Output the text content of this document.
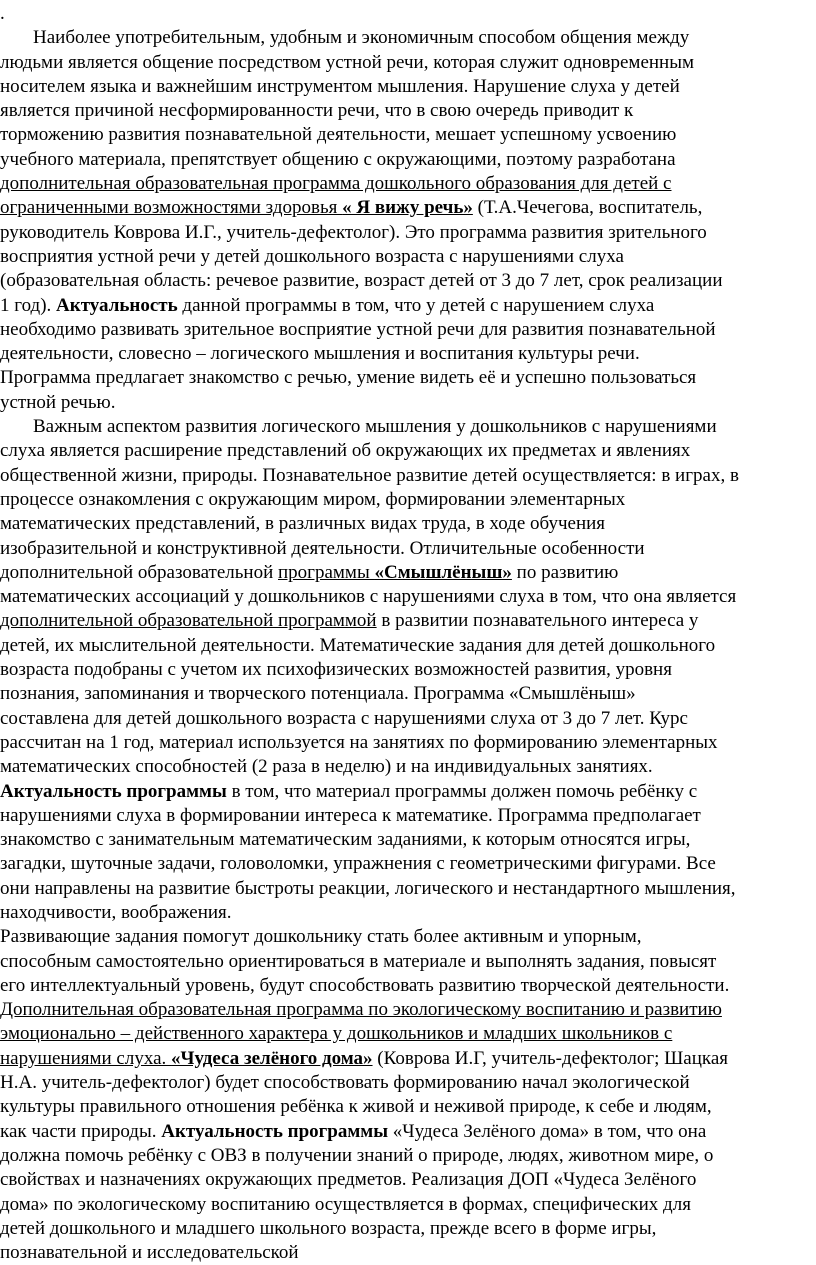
.
Наиболее употребительным, удобным и экономичным способом общения между
людьми является общение посредством устной речи, которая служит одновременным
носителем языка и важнейшим инструментом мышления. Нарушение слуха у детей
является причиной несформированности речи, что в свою очередь приводит к
торможению развития познавательной деятельности, мешает успешному усвоению
учебного материала, препятствует общению с окружающими, поэтому разработана
дополнительная образовательная программа дошкольного образования для детей с
ограниченными возможностями здоровья « Я вижу речь» (Т.А.Чечегова, воспитатель,
руководитель Коврова И.Г., учитель-дефектолог). Это программа развития зрительного
восприятия устной речи у детей дошкольного возраста с нарушениями слуха
(образовательная область: речевое развитие, возраст детей от 3 до 7 лет, срок реализации
1 год). Актуальность данной программы в том, что у детей с нарушением слуха
необходимо развивать зрительное восприятие устной речи для развития познавательной
деятельности, словесно – логического мышления и воспитания культуры речи.
Программа предлагает знакомство с речью, умение видеть её и успешно пользоваться
устной речью.
Важным аспектом развития логического мышления у дошкольников с нарушениями
слуха является расширение представлений об окружающих их предметах и явлениях
общественной жизни, природы. Познавательное развитие детей осуществляется: в играх, в
процессе ознакомления с окружающим миром, формировании элементарных
математических представлений, в различных видах труда, в ходе обучения
изобразительной и конструктивной деятельности. Отличительные особенности
дополнительной образовательной программы «Смышлёныш» по развитию
математических ассоциаций у дошкольников с нарушениями слуха в том, что она является
дополнительной образовательной программой в развитии познавательного интереса у
детей, их мыслительной деятельности. Математические задания для детей дошкольного
возраста подобраны с учетом их психофизических возможностей развития, уровня
познания, запоминания и творческого потенциала. Программа «Смышлёныш»
составлена для детей дошкольного возраста с нарушениями слуха от 3 до 7 лет. Курс
рассчитан на 1 год, материал используется на занятиях по формированию элементарных
математических способностей (2 раза в неделю) и на индивидуальных занятиях.
Актуальность программы в том, что материал программы должен помочь ребёнку с
нарушениями слуха в формировании интереса к математике. Программа предполагает
знакомство с занимательным математическим заданиями, к которым относятся игры,
загадки, шуточные задачи, головоломки, упражнения с геометрическими фигурами. Все
они направлены на развитие быстроты реакции, логического и нестандартного мышления,
находчивости, воображения.
Развивающие задания помогут дошкольнику стать более активным и упорным,
способным самостоятельно ориентироваться в материале и выполнять задания, повысят
его интеллектуальный уровень, будут способствовать развитию творческой деятельности.
Дополнительная образовательная программа по экологическому воспитанию и развитию
эмоционально – действенного характера у дошкольников и младших школьников с
нарушениями слуха. «Чудеса зелёного дома» (Коврова И.Г, учитель-дефектолог; Шацкая
Н.А. учитель-дефектолог) будет способствовать формированию начал экологической
культуры правильного отношения ребёнка к живой и неживой природе, к себе и людям,
как части природы. Актуальность программы «Чудеса Зелёного дома» в том, что она
должна помочь ребёнку с ОВЗ в получении знаний о природе, людях, животном мире, о
свойствах и назначениях окружающих предметов. Реализация ДОП «Чудеса Зелёного
дома» по экологическому воспитанию осуществляется в формах, специфических для
детей дошкольного и младшего школьного возраста, прежде всего в форме игры,
познавательной и исследовательской
